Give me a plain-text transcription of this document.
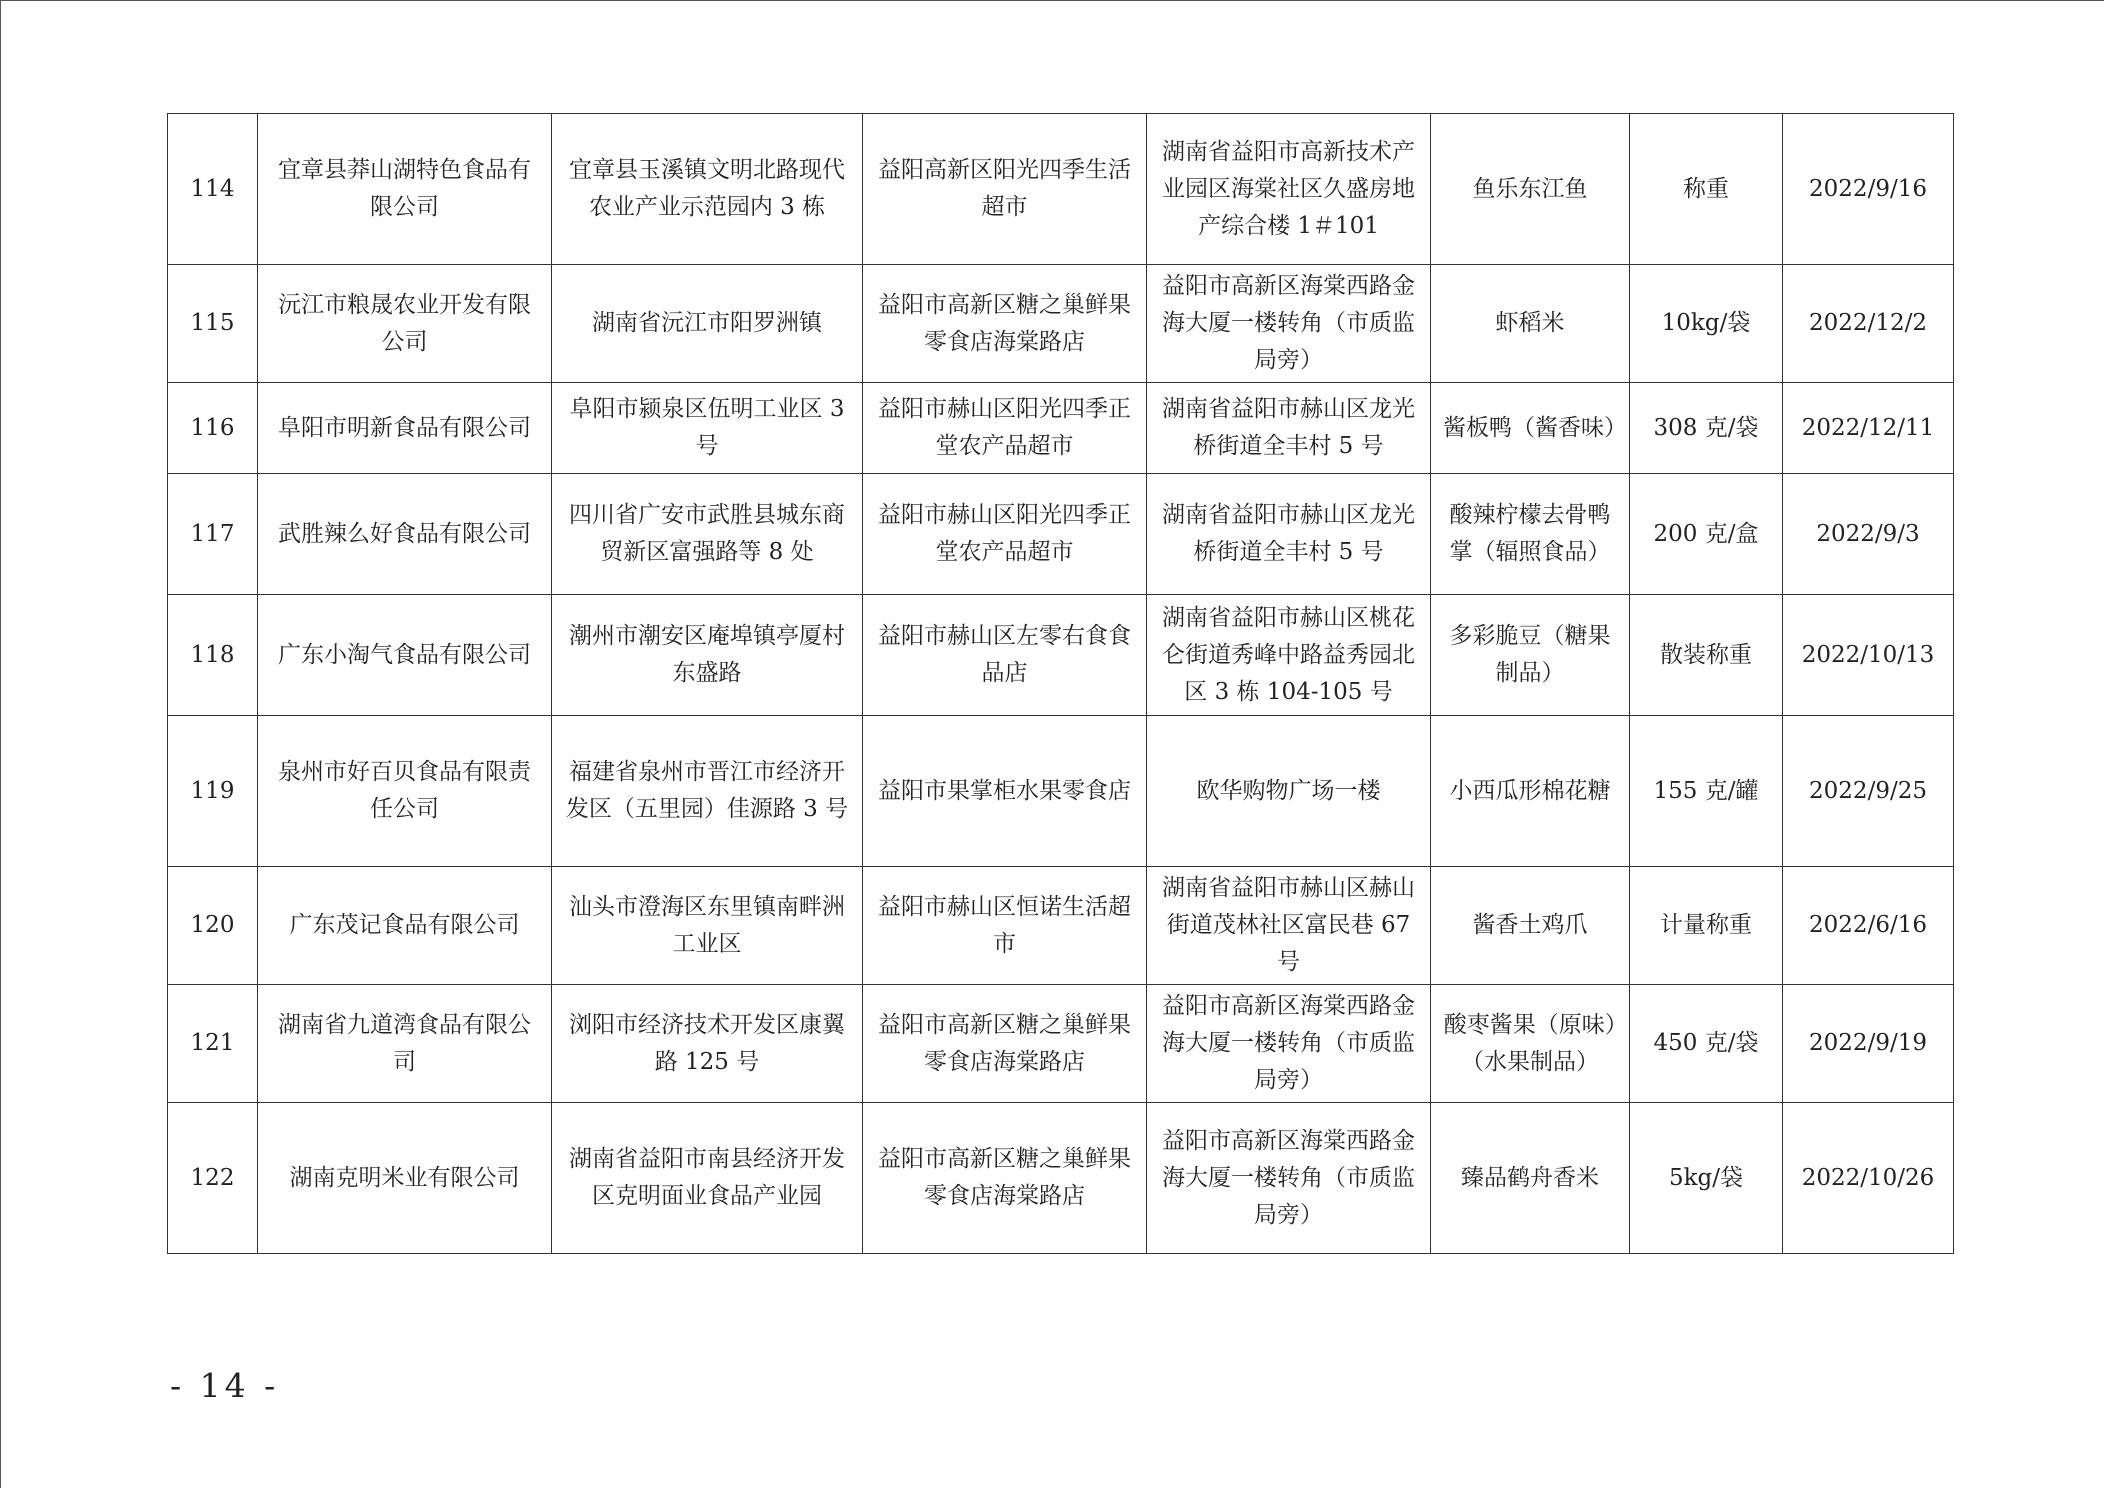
114	宜章县莽山湖特色食品有限公司	宜章县玉溪镇文明北路现代农业产业示范园内 3 栋	益阳高新区阳光四季生活超市	湖南省益阳市高新技术产业园区海棠社区久盛房地产综合楼 1＃101	鱼乐东江鱼	称重	2022/9/16
115	沅江市粮晟农业开发有限公司	湖南省沅江市阳罗洲镇	益阳市高新区糖之巢鲜果零食店海棠路店	益阳市高新区海棠西路金海大厦一楼转角（市质监局旁）	虾稻米	10kg/袋	2022/12/2
116	阜阳市明新食品有限公司	阜阳市颍泉区伍明工业区 3 号	益阳市赫山区阳光四季正堂农产品超市	湖南省益阳市赫山区龙光桥街道全丰村 5 号	酱板鸭（酱香味）	308 克/袋	2022/12/11
117	武胜辣么好食品有限公司	四川省广安市武胜县城东商贸新区富强路等 8 处	益阳市赫山区阳光四季正堂农产品超市	湖南省益阳市赫山区龙光桥街道全丰村 5 号	酸辣柠檬去骨鸭掌（辐照食品）	200 克/盒	2022/9/3
118	广东小淘气食品有限公司	潮州市潮安区庵埠镇亭厦村东盛路	益阳市赫山区左零右食食品店	湖南省益阳市赫山区桃花仑街道秀峰中路益秀园北区 3 栋 104-105 号	多彩脆豆（糖果制品）	散装称重	2022/10/13
119	泉州市好百贝食品有限责任公司	福建省泉州市晋江市经济开发区（五里园）佳源路 3 号	益阳市果掌柜水果零食店	欧华购物广场一楼	小西瓜形棉花糖	155 克/罐	2022/9/25
120	广东茂记食品有限公司	汕头市澄海区东里镇南畔洲工业区	益阳市赫山区恒诺生活超市	湖南省益阳市赫山区赫山街道茂林社区富民巷 67 号	酱香土鸡爪	计量称重	2022/6/16
121	湖南省九道湾食品有限公司	浏阳市经济技术开发区康翼路 125 号	益阳市高新区糖之巢鲜果零食店海棠路店	益阳市高新区海棠西路金海大厦一楼转角（市质监局旁）	酸枣酱果（原味）（水果制品）	450 克/袋	2022/9/19
122	湖南克明米业有限公司	湖南省益阳市南县经济开发区克明面业食品产业园	益阳市高新区糖之巢鲜果零食店海棠路店	益阳市高新区海棠西路金海大厦一楼转角（市质监局旁）	臻品鹤舟香米	5kg/袋	2022/10/26
- 14 -
